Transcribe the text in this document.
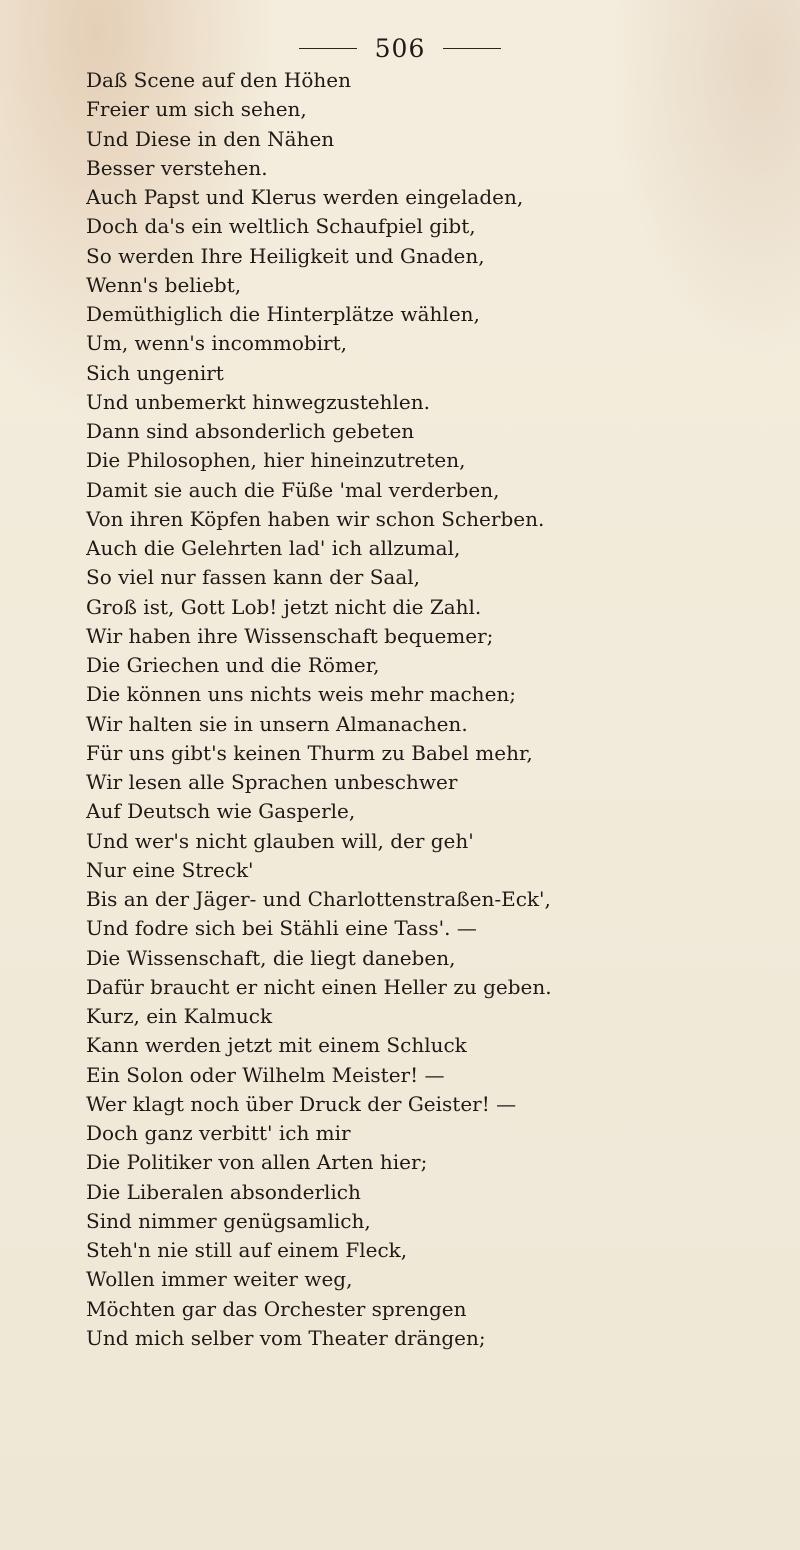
506
Daß Scene auf den Höhen
Freier um sich sehen,
Und Diese in den Nähen
Besser verstehen.
Auch Papst und Klerus werden eingeladen,
Doch da's ein weltlich Schaufpiel gibt,
So werden Ihre Heiligkeit und Gnaden,
Wenn's beliebt,
Demüthiglich die Hinterplätze wählen,
Um, wenn's incommobirt,
Sich ungenirt
Und unbemerkt hinwegzustehlen.
Dann sind absonderlich gebeten
Die Philosophen, hier hineinzutreten,
Damit sie auch die Füße 'mal verderben,
Von ihren Köpfen haben wir schon Scherben.
Auch die Gelehrten lad' ich allzumal,
So viel nur fassen kann der Saal,
Groß ist, Gott Lob! jetzt nicht die Zahl.
Wir haben ihre Wissenschaft bequemer;
Die Griechen und die Römer,
Die können uns nichts weis mehr machen;
Wir halten sie in unsern Almanachen.
Für uns gibt's keinen Thurm zu Babel mehr,
Wir lesen alle Sprachen unbeschwer
Auf Deutsch wie Gasperle,
Und wer's nicht glauben will, der geh'
Nur eine Streck'
Bis an der Jäger- und Charlottenstraßen-Eck',
Und fodre sich bei Stähli eine Tass'. —
Die Wissenschaft, die liegt daneben,
Dafür braucht er nicht einen Heller zu geben.
Kurz, ein Kalmuck
Kann werden jetzt mit einem Schluck
Ein Solon oder Wilhelm Meister! —
Wer klagt noch über Druck der Geister! —
Doch ganz verbitt' ich mir
Die Politiker von allen Arten hier;
Die Liberalen absonderlich
Sind nimmer genügsamlich,
Steh'n nie still auf einem Fleck,
Wollen immer weiter weg,
Möchten gar das Orchester sprengen
Und mich selber vom Theater drängen;
